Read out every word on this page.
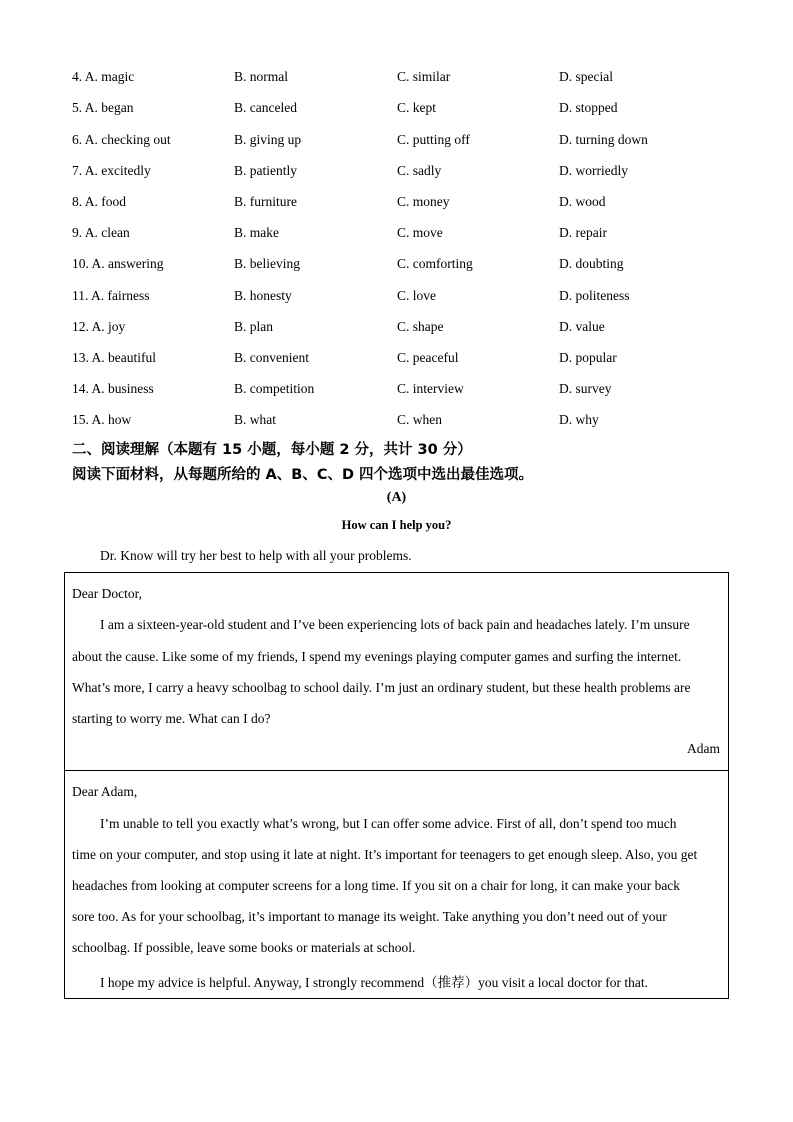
4. A. magic	B. normal	C. similar	D. special
5. A. began	B. canceled	C. kept	D. stopped
6. A. checking out	B. giving up	C. putting off	D. turning down
7. A. excitedly	B. patiently	C. sadly	D. worriedly
8. A. food	B. furniture	C. money	D. wood
9. A. clean	B. make	C. move	D. repair
10. A. answering	B. believing	C. comforting	D. doubting
11. A. fairness	B. honesty	C. love	D. politeness
12. A. joy	B. plan	C. shape	D. value
13. A. beautiful	B. convenient	C. peaceful	D. popular
14. A. business	B. competition	C. interview	D. survey
15. A. how	B. what	C. when	D. why
二、阅读理解（本题有 15 小题，每小题 2 分，共计 30 分）
阅读下面材料，从每题所给的 A、B、C、D 四个选项中选出最佳选项。
(A)
How can I help you?
Dr. Know will try her best to help with all your problems.
Dear Doctor,
I am a sixteen-year-old student and I’ve been experiencing lots of back pain and headaches lately. I’m unsure
about the cause. Like some of my friends, I spend my evenings playing computer games and surfing the internet.
What’s more, I carry a heavy schoolbag to school daily. I’m just an ordinary student, but these health problems are
starting to worry me. What can I do?
Adam
Dear Adam,
I’m unable to tell you exactly what’s wrong, but I can offer some advice. First of all, don’t spend too much
time on your computer, and stop using it late at night. It’s important for teenagers to get enough sleep. Also, you get
headaches from looking at computer screens for a long time. If you sit on a chair for long, it can make your back
sore too. As for your schoolbag, it’s important to manage its weight. Take anything you don’t need out of your
schoolbag. If possible, leave some books or materials at school.
I hope my advice is helpful. Anyway, I strongly recommend（推荐）you visit a local doctor for that.
